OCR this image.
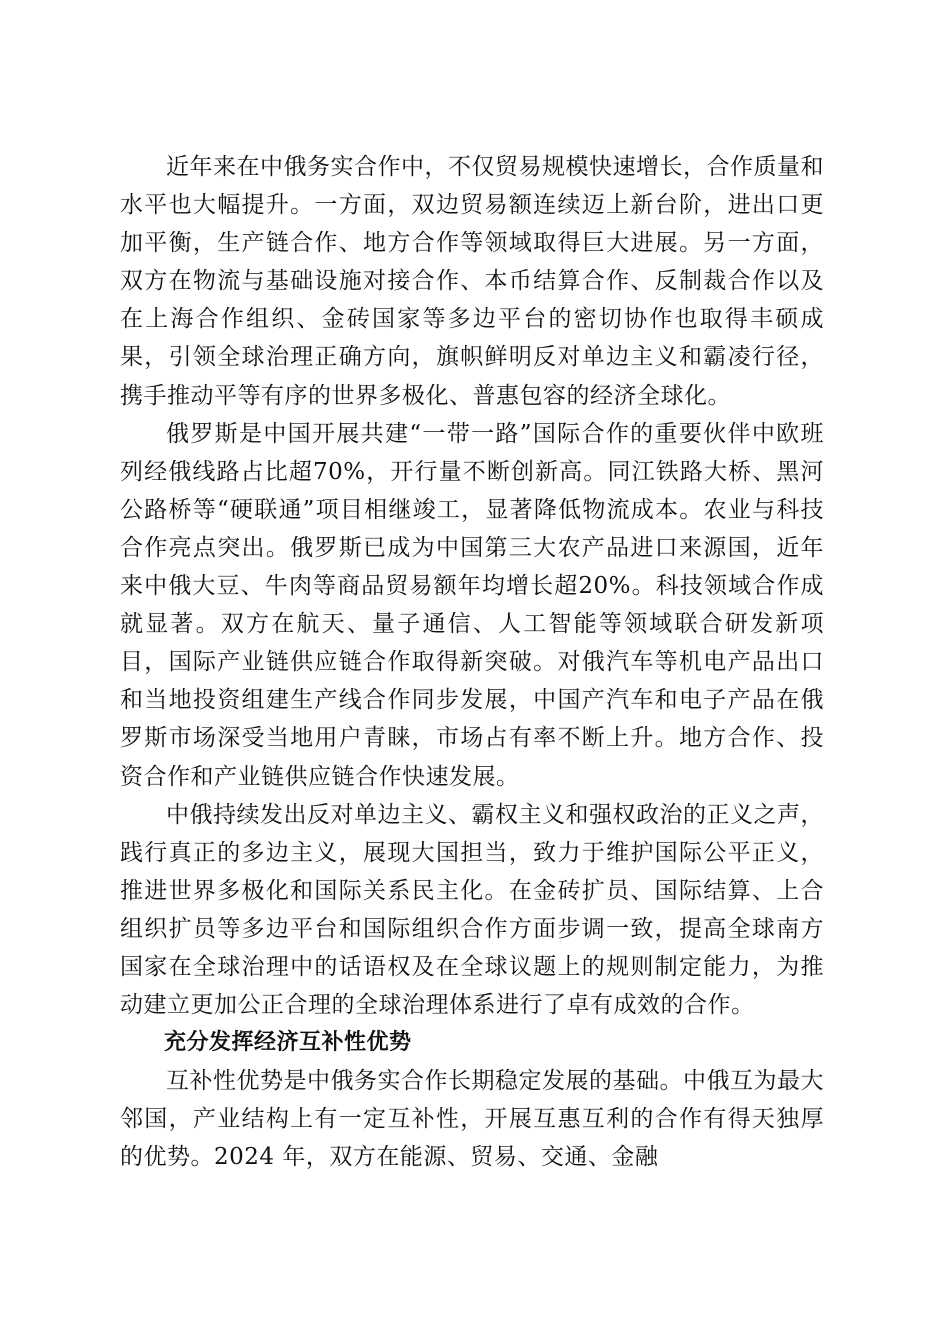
近年来在中俄务实合作中，不仅贸易规模快速增长，合作质量和水平也大幅提升。一方面，双边贸易额连续迈上新台阶，进出口更加平衡，生产链合作、地方合作等领域取得巨大进展。另一方面，双方在物流与基础设施对接合作、本币结算合作、反制裁合作以及在上海合作组织、金砖国家等多边平台的密切协作也取得丰硕成果，引领全球治理正确方向，旗帜鲜明反对单边主义和霸凌行径，携手推动平等有序的世界多极化、普惠包容的经济全球化。

俄罗斯是中国开展共建“一带一路”国际合作的重要伙伴中欧班列经俄线路占比超70%，开行量不断创新高。同江铁路大桥、黑河公路桥等“硬联通”项目相继竣工，显著降低物流成本。农业与科技合作亮点突出。俄罗斯已成为中国第三大农产品进口来源国，近年来中俄大豆、牛肉等商品贸易额年均增长超20%。科技领域合作成就显著。双方在航天、量子通信、人工智能等领域联合研发新项目，国际产业链供应链合作取得新突破。对俄汽车等机电产品出口和当地投资组建生产线合作同步发展，中国产汽车和电子产品在俄罗斯市场深受当地用户青睐，市场占有率不断上升。地方合作、投资合作和产业链供应链合作快速发展。

中俄持续发出反对单边主义、霸权主义和强权政治的正义之声，践行真正的多边主义，展现大国担当，致力于维护国际公平正义，推进世界多极化和国际关系民主化。在金砖扩员、国际结算、上合组织扩员等多边平台和国际组织合作方面步调一致，提高全球南方国家在全球治理中的话语权及在全球议题上的规则制定能力，为推动建立更加公正合理的全球治理体系进行了卓有成效的合作。

充分发挥经济互补性优势

互补性优势是中俄务实合作长期稳定发展的基础。中俄互为最大邻国，产业结构上有一定互补性，开展互惠互利的合作有得天独厚的优势。2024 年，双方在能源、贸易、交通、金融
